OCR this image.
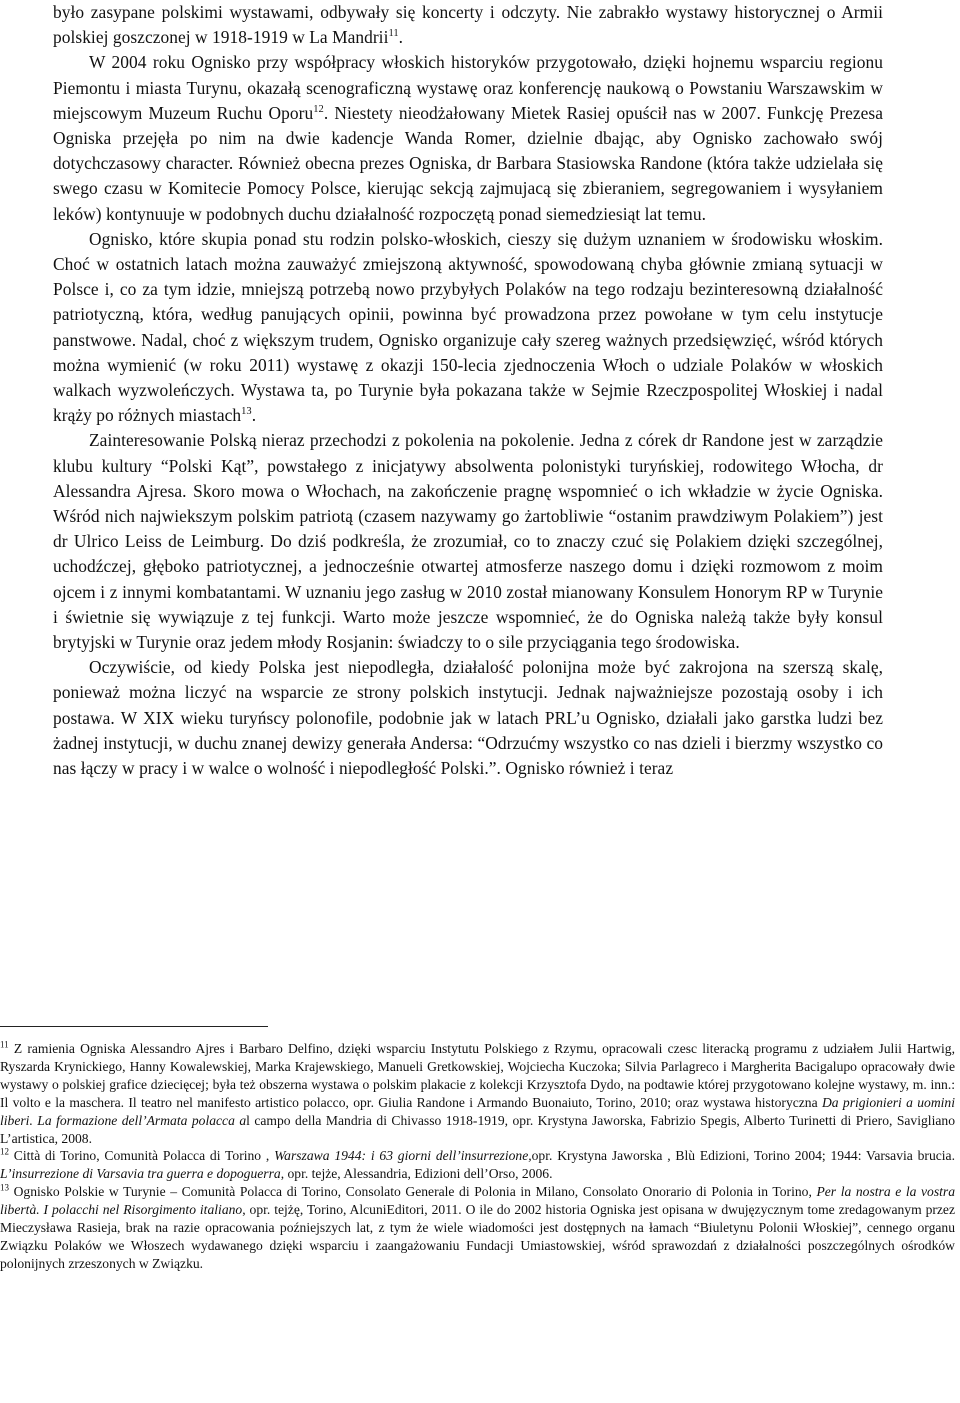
było zasypane polskimi wystawami, odbywały się koncerty i odczyty. Nie zabrakło wystawy historycznej o Armii polskiej goszczonej w 1918-1919 w La Mandrii$^{11}$.

W 2004 roku Ognisko przy współpracy włoskich historyków przygotowało, dzięki hojnemu wsparciu regionu Piemontu i miasta Turynu, okazałą scenograficzną wystawę oraz konferencję naukową o Powstaniu Warszawskim w miejscowym Muzeum Ruchu Oporu$^{12}$. Niestety nieodżałowany Mietek Rasiej opuścił nas w 2007. Funkcję Prezesa Ogniska przejęła po nim na dwie kadencje Wanda Romer, dzielnie dbając, aby Ognisko zachowało swój dotychczasowy character. Również obecna prezes Ogniska, dr Barbara Stasiowska Randone (która także udzielała się swego czasu w Komitecie Pomocy Polsce, kierując sekcją zajmujacą się zbieraniem, segregowaniem i wysyłaniem leków) kontynuuje w podobnych duchu działalność rozpoczętą ponad siemedziesiąt lat temu.

Ognisko, które skupia ponad stu rodzin polsko-włoskich, cieszy się dużym uznaniem w środowisku włoskim. Choć w ostatnich latach można zauważyć zmiejszoną aktywność, spowodowaną chyba głównie zmianą sytuacji w Polsce i, co za tym idzie, mniejszą potrzebą nowo przybyłych Polaków na tego rodzaju bezinteresowną działalność patriotyczną, która, według panujących opinii, powinna być prowadzona przez powołane w tym celu instytucje panstwowe. Nadal, choć z większym trudem, Ognisko organizuje cały szereg ważnych przedsięwzięć, wśród których można wymienić (w roku 2011) wystawę z okazji 150-lecia zjednoczenia Włoch o udziale Polaków w włoskich walkach wyzwoleńczych. Wystawa ta, po Turynie była pokazana także w Sejmie Rzeczpospolitej Włoskiej i nadal krąży po różnych miastach$^{13}$.

Zainteresowanie Polską nieraz przechodzi z pokolenia na pokolenie. Jedna z córek dr Randone jest w zarządzie klubu kultury “Polski Kąt”, powstałego z inicjatywy absolwenta polonistyki turyńskiej, rodowitego Włocha, dr Alessandra Ajresa. Skoro mowa o Włochach, na zakończenie pragnę wspomnieć o ich wkładzie w życie Ogniska. Wśród nich najwiekszym polskim patriotą (czasem nazywamy go żartobliwie “ostanim prawdziwym Polakiem”) jest dr Ulrico Leiss de Leimburg. Do dziś podkreśla, że zrozumiał, co to znaczy czuć się Polakiem dzięki szczególnej, uchodźczej, głęboko patriotycznej, a jednocześnie otwartej atmosferze naszego domu i dzięki rozmowom z moim ojcem i z innymi kombatantami. W uznaniu jego zasług w 2010 został mianowany Konsulem Honorym RP w Turynie i świetnie się wywiązuje z tej funkcji. Warto może jeszcze wspomnieć, że do Ogniska należą także były konsul brytyjski w Turynie oraz jedem młody Rosjanin: świadczy to o sile przyciągania tego środowiska.

Oczywiście, od kiedy Polska jest niepodległa, działalość polonijna może być zakrojona na szerszą skalę, ponieważ można liczyć na wsparcie ze strony polskich instytucji. Jednak najważniejsze pozostają osoby i ich postawa. W XIX wieku turyńscy polonofile, podobnie jak w latach PRL’u Ognisko, działali jako garstka ludzi bez żadnej instytucji, w duchu znanej dewizy generała Andersa: “Odrzućmy wszystko co nas dzieli i bierzmy wszystko co nas łączy w pracy i w walce o wolność i niepodległość Polski.”. Ognisko również i teraz

$^{11}$ Z ramienia Ogniska Alessandro Ajres i Barbaro Delfino, dzięki wsparciu Instytutu Polskiego z Rzymu, opracowali czesc literacką programu z udziałem Julii Hartwig, Ryszarda Krynickiego, Hanny Kowalewskiej, Marka Krajewskiego, Manueli Gretkowskiej, Wojciecha Kuczoka; Silvia Parlagreco i Margherita Bacigalupo opracowały dwie wystawy o polskiej grafice dziecięcej; była też obszerna wystawa o polskim plakacie z kolekcji Krzysztofa Dydo, na podtawie której przygotowano kolejne wystawy, m. inn.: Il volto e la maschera. Il teatro nel manifesto artistico polacco, opr. Giulia Randone i Armando Buonaiuto, Torino, 2010; oraz wystawa historyczna Da prigionieri a uomini liberi. La formazione dell’Armata polacca al campo della Mandria di Chivasso 1918-1919, opr. Krystyna Jaworska, Fabrizio Spegis, Alberto Turinetti di Priero, Savigliano L’artistica, 2008.

$^{12}$ Città di Torino, Comunità Polacca di Torino , Warszawa 1944: i 63 giorni dell’insurrezione,opr. Krystyna Jaworska , Blù Edizioni, Torino 2004; 1944: Varsavia brucia. L’insurrezione di Varsavia tra guerra e dopoguerra, opr. tejże, Alessandria, Edizioni dell’Orso, 2006.

$^{13}$ Ognisko Polskie w Turynie – Comunità Polacca di Torino, Consolato Generale di Polonia in Milano, Consolato Onorario di Polonia in Torino, Per la nostra e la vostra libertà. I polacchi nel Risorgimento italiano, opr. tejżę, Torino, AlcuniEditori, 2011. O ile do 2002 historia Ogniska jest opisana w dwujęzycznym tome zredagowanym przez Mieczysława Rasieja, brak na razie opracowania poźniejszych lat, z tym że wiele wiadomości jest dostępnych na łamach “Biuletynu Polonii Włoskiej”, cennego organu Związku Polaków we Włoszech wydawanego dzięki wsparciu i zaangażowaniu Fundacji Umiastowskiej, wśród sprawozdań z działalności poszczególnych ośrodków polonijnych zrzeszonych w Związku.
